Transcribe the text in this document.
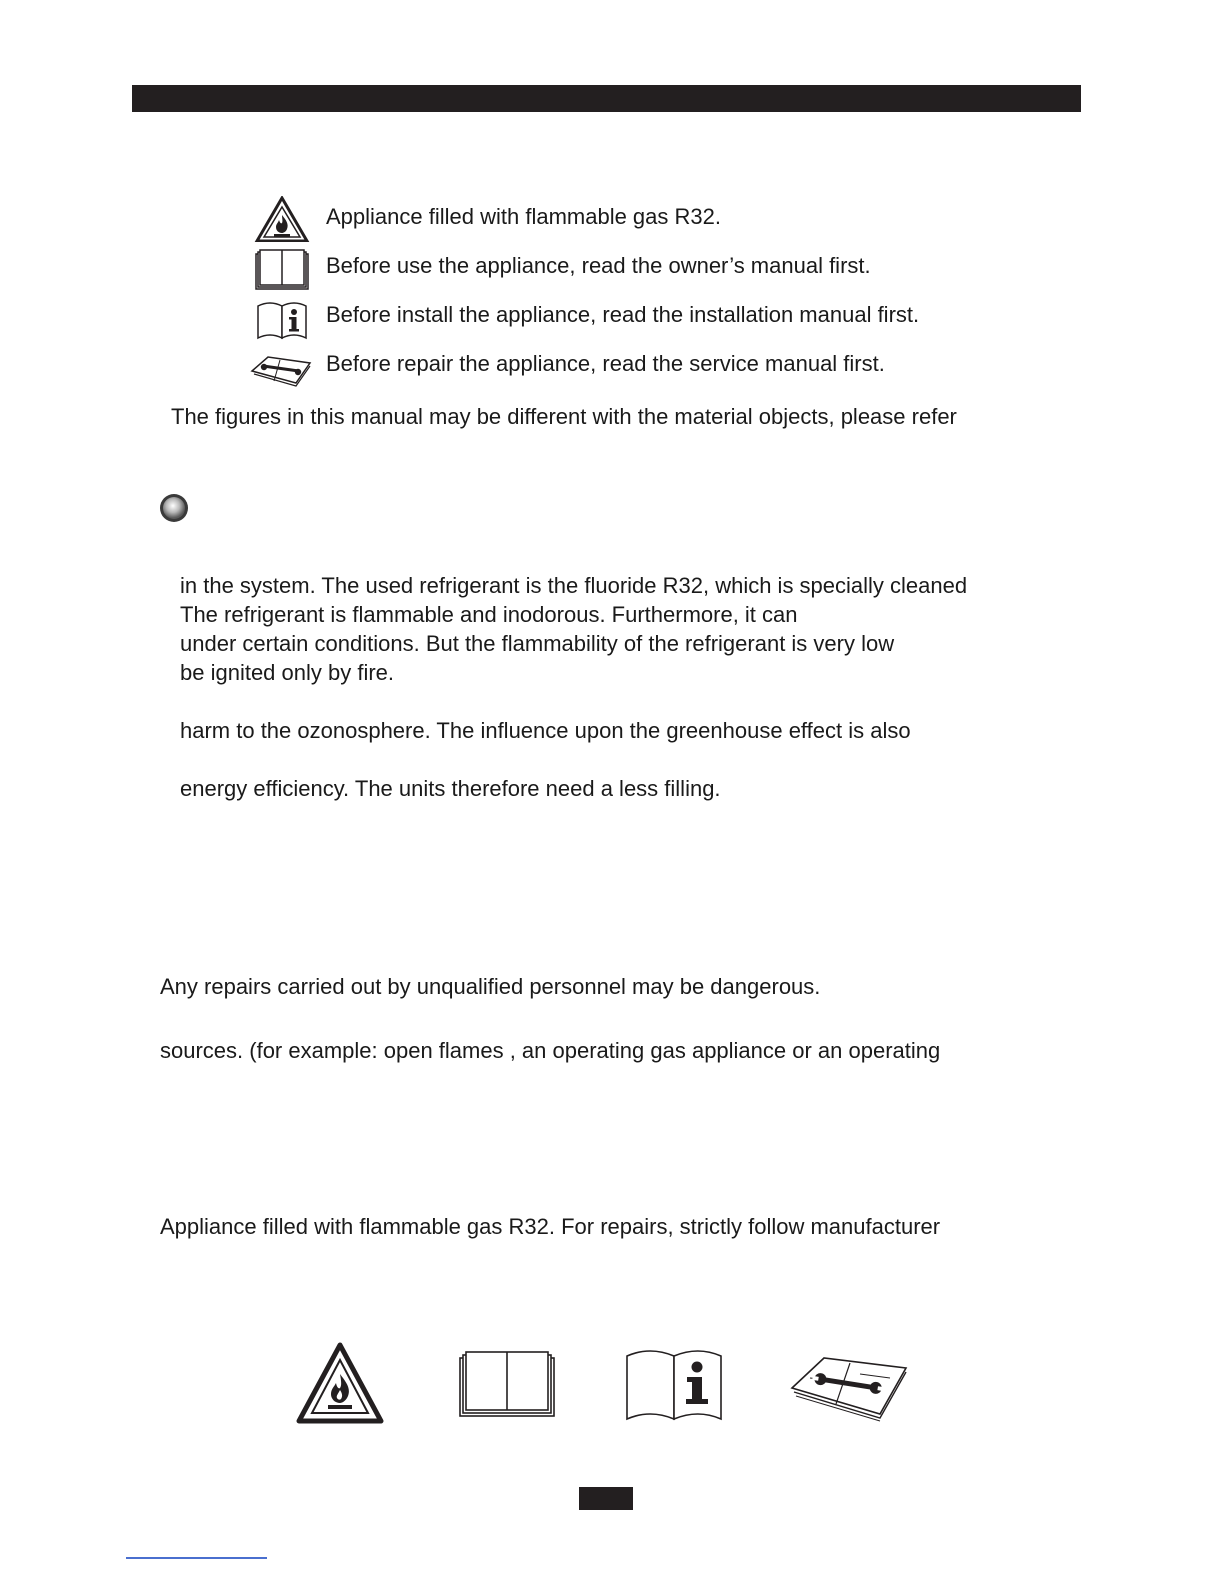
Appliance filled with flammable gas R32.
Before use the appliance, read the owner’s manual first.
Before install the appliance, read the installation manual first.
Before repair the appliance, read the service manual first.
The figures in this manual may be different with the material objects, please refer
in the system. The used refrigerant is the fluoride R32, which is specially cleaned
The refrigerant is flammable and inodorous. Furthermore, it can
under certain conditions. But the flammability of the refrigerant is very low
be ignited only by fire.
harm to the ozonosphere. The influence upon the greenhouse effect is also
energy efficiency. The units therefore need a less filling.
Any repairs carried out by unqualified personnel may be dangerous.
sources. (for example: open flames , an operating gas appliance or an operating
Appliance filled with flammable gas R32. For repairs, strictly follow manufacturer
